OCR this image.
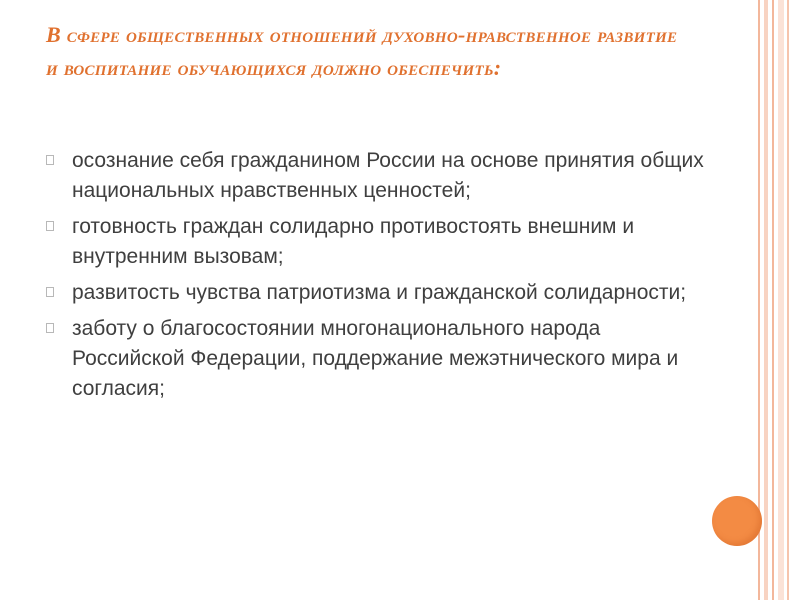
В сфере общественных отношений духовно-нравственное развитие и воспитание обучающихся должно обеспечить:
осознание себя гражданином России на основе принятия общих национальных нравственных ценностей;
готовность граждан солидарно противостоять внешним и внутренним вызовам;
развитость чувства патриотизма и гражданской солидарности;
заботу о благосостоянии многонационального народа Российской Федерации, поддержание межэтнического мира и согласия;
